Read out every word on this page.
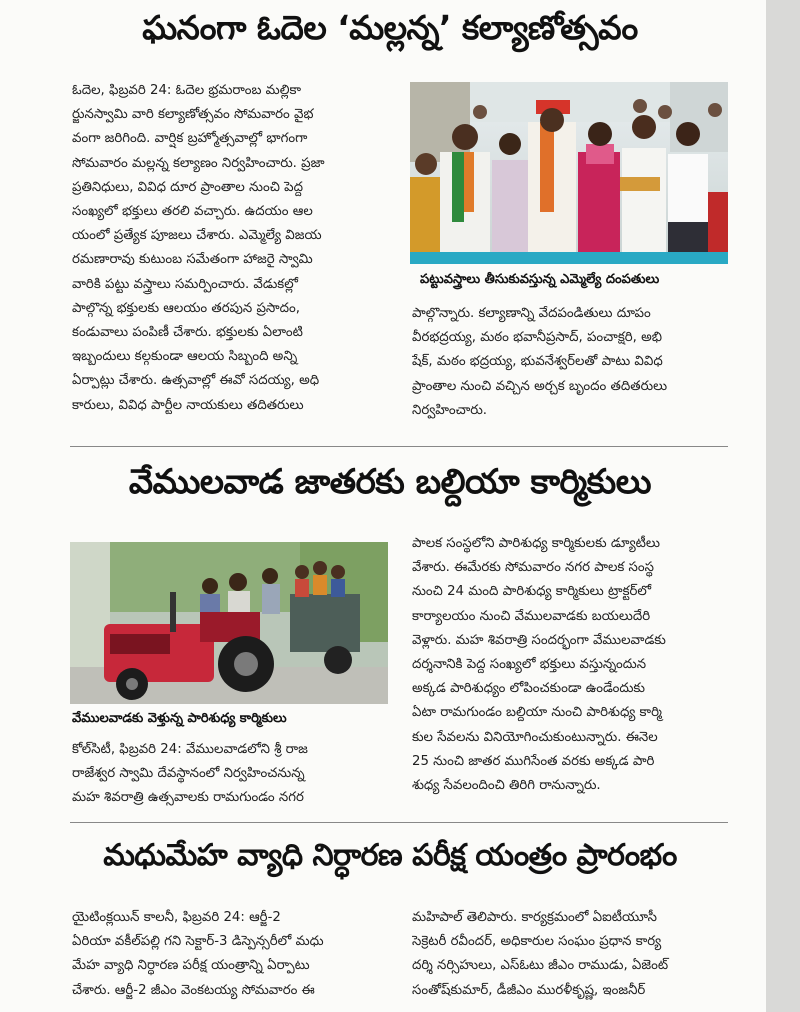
ఘనంగా ఓదెల ‘మల్లన్న’ కల్యాణోత్సవం
ఓదెల, ఫిబ్రవరి 24: ఓదెల భ్రమరాంబ మల్లికా
ర్జునస్వామి వారి కల్యాణోత్సవం సోమవారం వైభ
వంగా జరిగింది. వార్షిక బ్రహ్మోత్సవాల్లో భాగంగా
సోమవారం మల్లన్న కల్యాణం నిర్వహించారు. ప్రజా
ప్రతినిధులు, వివిధ దూర ప్రాంతాల నుంచి పెద్ద
సంఖ్యలో భక్తులు తరలి వచ్చారు. ఉదయం ఆల
యంలో ప్రత్యేక పూజలు చేశారు. ఎమ్మెల్యే విజయ
రమణారావు కుటుంబ సమేతంగా హాజరై స్వామి
వారికి పట్టు వస్త్రాలు సమర్పించారు. వేడుకల్లో
పాల్గొన్న భక్తులకు ఆలయం తరపున ప్రసాదం,
కండువాలు పంపిణీ చేశారు. భక్తులకు ఏలాంటి
ఇబ్బందులు కల్గకుండా ఆలయ సిబ్బంది అన్ని
ఏర్పాట్లు చేశారు. ఉత్సవాల్లో ఈవో సదయ్య, అధి
కారులు, వివిధ పార్టీల నాయకులు తదితరులు
పట్టువస్త్రాలు తీసుకువస్తున్న ఎమ్మెల్యే దంపతులు
పాల్గొన్నారు. కల్యాణాన్ని వేదపండితులు దూపం
వీరభద్రయ్య, మఠం భవానీప్రసాద్, పంచాక్షరి, అభి
షేక్, మఠం భద్రయ్య, భువనేశ్వర్‌లతో పాటు వివిధ
ప్రాంతాల నుంచి వచ్చిన అర్చక బృందం తదితరులు
నిర్వహించారు.
వేములవాడ జాతరకు బల్దియా కార్మికులు
వేములవాడకు వెళ్తున్న పారిశుధ్య కార్మికులు
కోల్‌సిటీ, ఫిబ్రవరి 24: వేములవాడలోని శ్రీ రాజ
రాజేశ్వర స్వామి దేవస్థానంలో నిర్వహించనున్న
మహ శివరాత్రి ఉత్సవాలకు రామగుండం నగర
పాలక సంస్థలోని పారిశుధ్య కార్మికులకు డ్యూటీలు
వేశారు. ఈమేరకు సోమవారం నగర పాలక సంస్థ
నుంచి 24 మంది పారిశుధ్య కార్మికులు ట్రాక్టర్‌లో
కార్యాలయం నుంచి వేములవాడకు బయలుదేరి
వెళ్లారు. మహ శివరాత్రి సందర్భంగా వేములవాడకు
దర్శనానికి పెద్ద సంఖ్యలో భక్తులు వస్తున్నందున
అక్కడ పారిశుధ్యం లోపించకుండా ఉండేందుకు
ఏటా రామగుండం బల్దియా నుంచి పారిశుధ్య కార్మి
కుల సేవలను వినియోగించుకుంటున్నారు. ఈనెల
25 నుంచి జాతర ముగిసేంత వరకు అక్కడ పారి
శుధ్య సేవలందించి తిరిగి రానున్నారు.
మధుమేహ వ్యాధి నిర్ధారణ పరీక్ష యంత్రం ప్రారంభం
యైటింక్లయిన్ కాలనీ, ఫిబ్రవరి 24: ఆర్జీ-2
ఏరియా వకీల్‌పల్లి గని సెక్టార్-3 డిస్పెన్సరీలో మధు
మేహ వ్యాధి నిర్ధారణ పరీక్ష యంత్రాన్ని ఏర్పాటు
చేశారు. ఆర్జీ-2 జీఎం వెంకటయ్య సోమవారం ఈ
మహిపాల్ తెలిపారు. కార్యక్రమంలో ఏఐటీయూసీ
సెక్రెటరీ రవీందర్, అధికారుల సంఘం ప్రధాన కార్య
దర్శి నర్సిహులు, ఎస్‌ఓటు జీఎం రాముడు, ఏజెంట్
సంతోష్‌కుమార్, డీజీఎం మురళీకృష్ణ, ఇంజనీర్
